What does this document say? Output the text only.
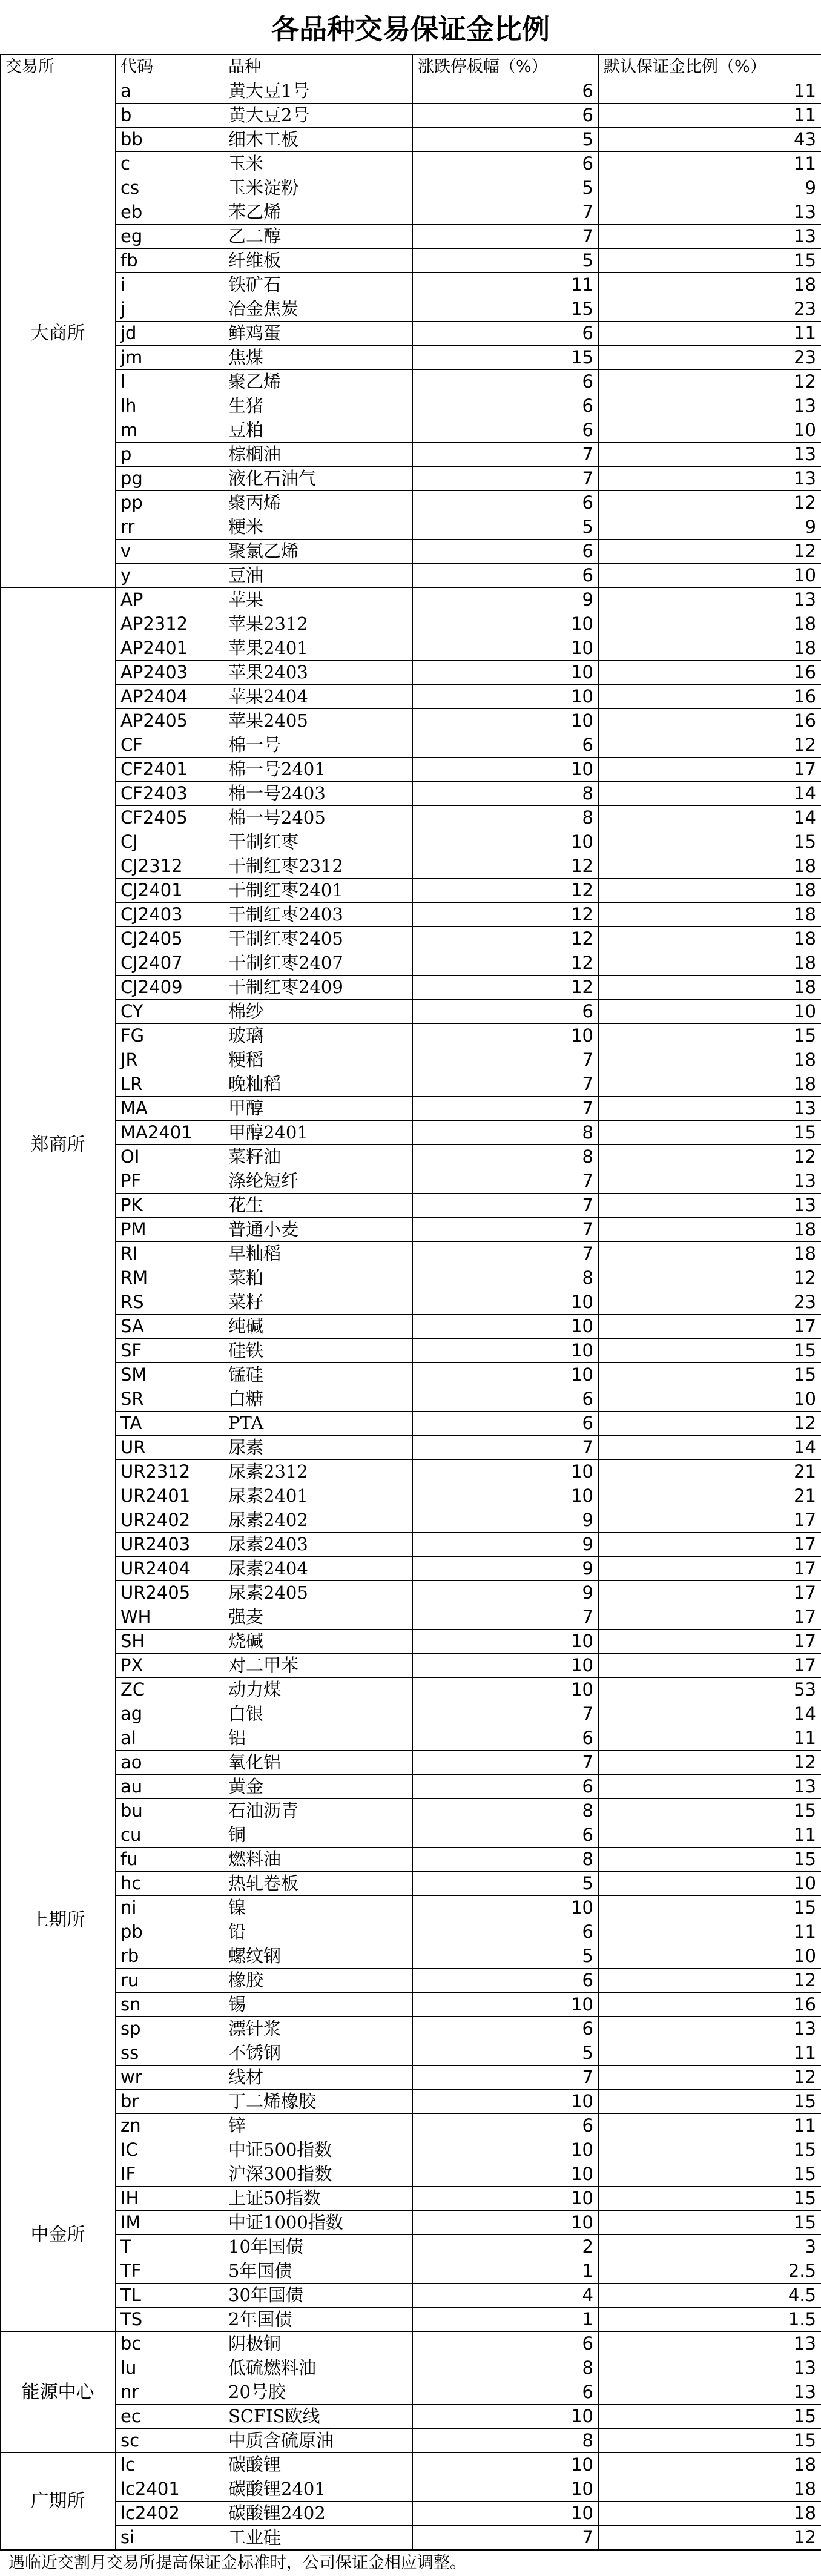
各品种交易保证金比例
交易所	代码	品种	涨跌停板幅（%）	默认保证金比例（%）
大商所	a	黄大豆1号	6	11
	b	黄大豆2号	6	11
	bb	细木工板	5	43
	c	玉米	6	11
	cs	玉米淀粉	5	9
	eb	苯乙烯	7	13
	eg	乙二醇	7	13
	fb	纤维板	5	15
	i	铁矿石	11	18
	j	冶金焦炭	15	23
	jd	鲜鸡蛋	6	11
	jm	焦煤	15	23
	l	聚乙烯	6	12
	lh	生猪	6	13
	m	豆粕	6	10
	p	棕榈油	7	13
	pg	液化石油气	7	13
	pp	聚丙烯	6	12
	rr	粳米	5	9
	v	聚氯乙烯	6	12
	y	豆油	6	10
郑商所	AP	苹果	9	13
	AP2312	苹果2312	10	18
	AP2401	苹果2401	10	18
	AP2403	苹果2403	10	16
	AP2404	苹果2404	10	16
	AP2405	苹果2405	10	16
	CF	棉一号	6	12
	CF2401	棉一号2401	10	17
	CF2403	棉一号2403	8	14
	CF2405	棉一号2405	8	14
	CJ	干制红枣	10	15
	CJ2312	干制红枣2312	12	18
	CJ2401	干制红枣2401	12	18
	CJ2403	干制红枣2403	12	18
	CJ2405	干制红枣2405	12	18
	CJ2407	干制红枣2407	12	18
	CJ2409	干制红枣2409	12	18
	CY	棉纱	6	10
	FG	玻璃	10	15
	JR	粳稻	7	18
	LR	晚籼稻	7	18
	MA	甲醇	7	13
	MA2401	甲醇2401	8	15
	OI	菜籽油	8	12
	PF	涤纶短纤	7	13
	PK	花生	7	13
	PM	普通小麦	7	18
	RI	早籼稻	7	18
	RM	菜粕	8	12
	RS	菜籽	10	23
	SA	纯碱	10	17
	SF	硅铁	10	15
	SM	锰硅	10	15
	SR	白糖	6	10
	TA	PTA	6	12
	UR	尿素	7	14
	UR2312	尿素2312	10	21
	UR2401	尿素2401	10	21
	UR2402	尿素2402	9	17
	UR2403	尿素2403	9	17
	UR2404	尿素2404	9	17
	UR2405	尿素2405	9	17
	WH	强麦	7	17
	SH	烧碱	10	17
	PX	对二甲苯	10	17
	ZC	动力煤	10	53
上期所	ag	白银	7	14
	al	铝	6	11
	ao	氧化铝	7	12
	au	黄金	6	13
	bu	石油沥青	8	15
	cu	铜	6	11
	fu	燃料油	8	15
	hc	热轧卷板	5	10
	ni	镍	10	15
	pb	铅	6	11
	rb	螺纹钢	5	10
	ru	橡胶	6	12
	sn	锡	10	16
	sp	漂针浆	6	13
	ss	不锈钢	5	11
	wr	线材	7	12
	br	丁二烯橡胶	10	15
	zn	锌	6	11
中金所	IC	中证500指数	10	15
	IF	沪深300指数	10	15
	IH	上证50指数	10	15
	IM	中证1000指数	10	15
	T	10年国债	2	3
	TF	5年国债	1	2.5
	TL	30年国债	4	4.5
	TS	2年国债	1	1.5
能源中心	bc	阴极铜	6	13
	lu	低硫燃料油	8	13
	nr	20号胶	6	13
	ec	SCFIS欧线	10	15
	sc	中质含硫原油	8	15
广期所	lc	碳酸锂	10	18
	lc2401	碳酸锂2401	10	18
	lc2402	碳酸锂2402	10	18
	si	工业硅	7	12
遇临近交割月交易所提高保证金标准时，公司保证金相应调整。
